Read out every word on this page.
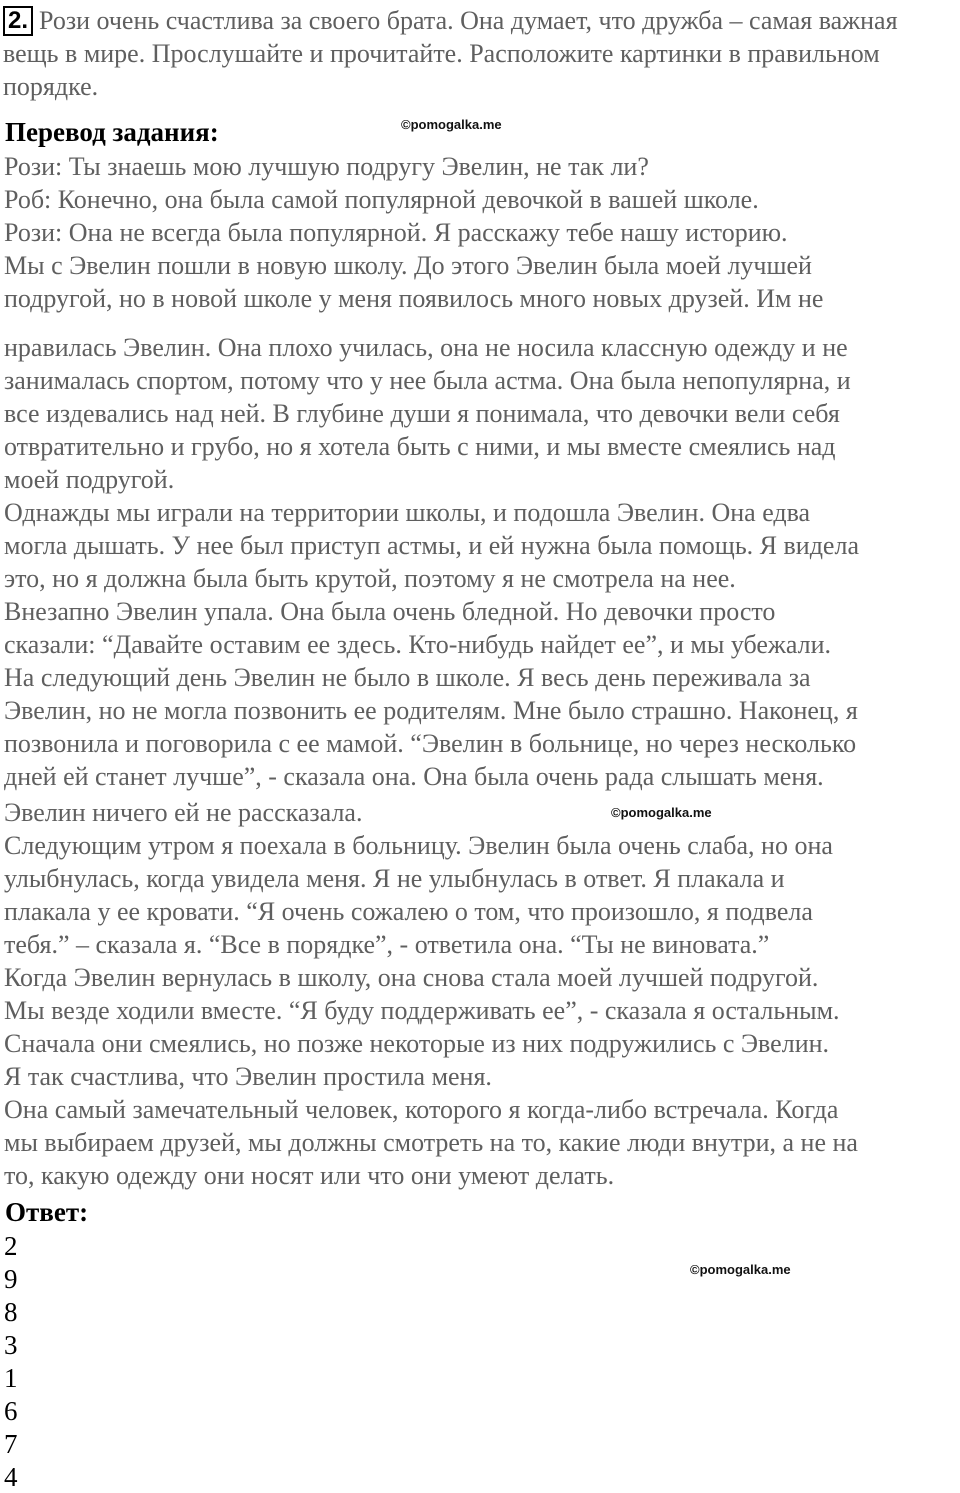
2. Рози очень счастлива за своего брата. Она думает, что дружба – самая важная вещь в мире. Прослушайте и прочитайте. Расположите картинки в правильном порядке.
Перевод задания:	©pomogalka.me
Рози: Ты знаешь мою лучшую подругу Эвелин, не так ли?
Роб: Конечно, она была самой популярной девочкой в вашей школе.
Рози: Она не всегда была популярной. Я расскажу тебе нашу историю.
Мы с Эвелин пошли в новую школу. До этого Эвелин была моей лучшей
подругой, но в новой школе у меня появилось много новых друзей. Им не
нравилась Эвелин. Она плохо училась, она не носила классную одежду и не
занималась спортом, потому что у нее была астма. Она была непопулярна, и
все издевались над ней. В глубине души я понимала, что девочки вели себя
отвратительно и грубо, но я хотела быть с ними, и мы вместе смеялись над
моей подругой.
Однажды мы играли на территории школы, и подошла Эвелин. Она едва
могла дышать. У нее был приступ астмы, и ей нужна была помощь. Я видела
это, но я должна была быть крутой, поэтому я не смотрела на нее.
Внезапно Эвелин упала. Она была очень бледной. Но девочки просто
сказали: “Давайте оставим ее здесь. Кто-нибудь найдет ее”, и мы убежали.
На следующий день Эвелин не было в школе. Я весь день переживала за
Эвелин, но не могла позвонить ее родителям. Мне было страшно. Наконец, я
позвонила и поговорила с ее мамой. “Эвелин в больнице, но через несколько
дней ей станет лучше”, - сказала она. Она была очень рада слышать меня.
Эвелин ничего ей не рассказала.	©pomogalka.me
Следующим утром я поехала в больницу. Эвелин была очень слаба, но она
улыбнулась, когда увидела меня. Я не улыбнулась в ответ. Я плакала и
плакала у ее кровати. “Я очень сожалею о том, что произошло, я подвела
тебя.” – сказала я. “Все в порядке”, - ответила она. “Ты не виновата.”
Когда Эвелин вернулась в школу, она снова стала моей лучшей подругой.
Мы везде ходили вместе. “Я буду поддерживать ее”, - сказала я остальным.
Сначала они смеялись, но позже некоторые из них подружились с Эвелин.
Я так счастлива, что Эвелин простила меня.
Она самый замечательный человек, которого я когда-либо встречала. Когда
мы выбираем друзей, мы должны смотреть на то, какие люди внутри, а не на
то, какую одежду они носят или что они умеют делать.
Ответ:
©pomogalka.me
2
9
8
3
1
6
7
4
